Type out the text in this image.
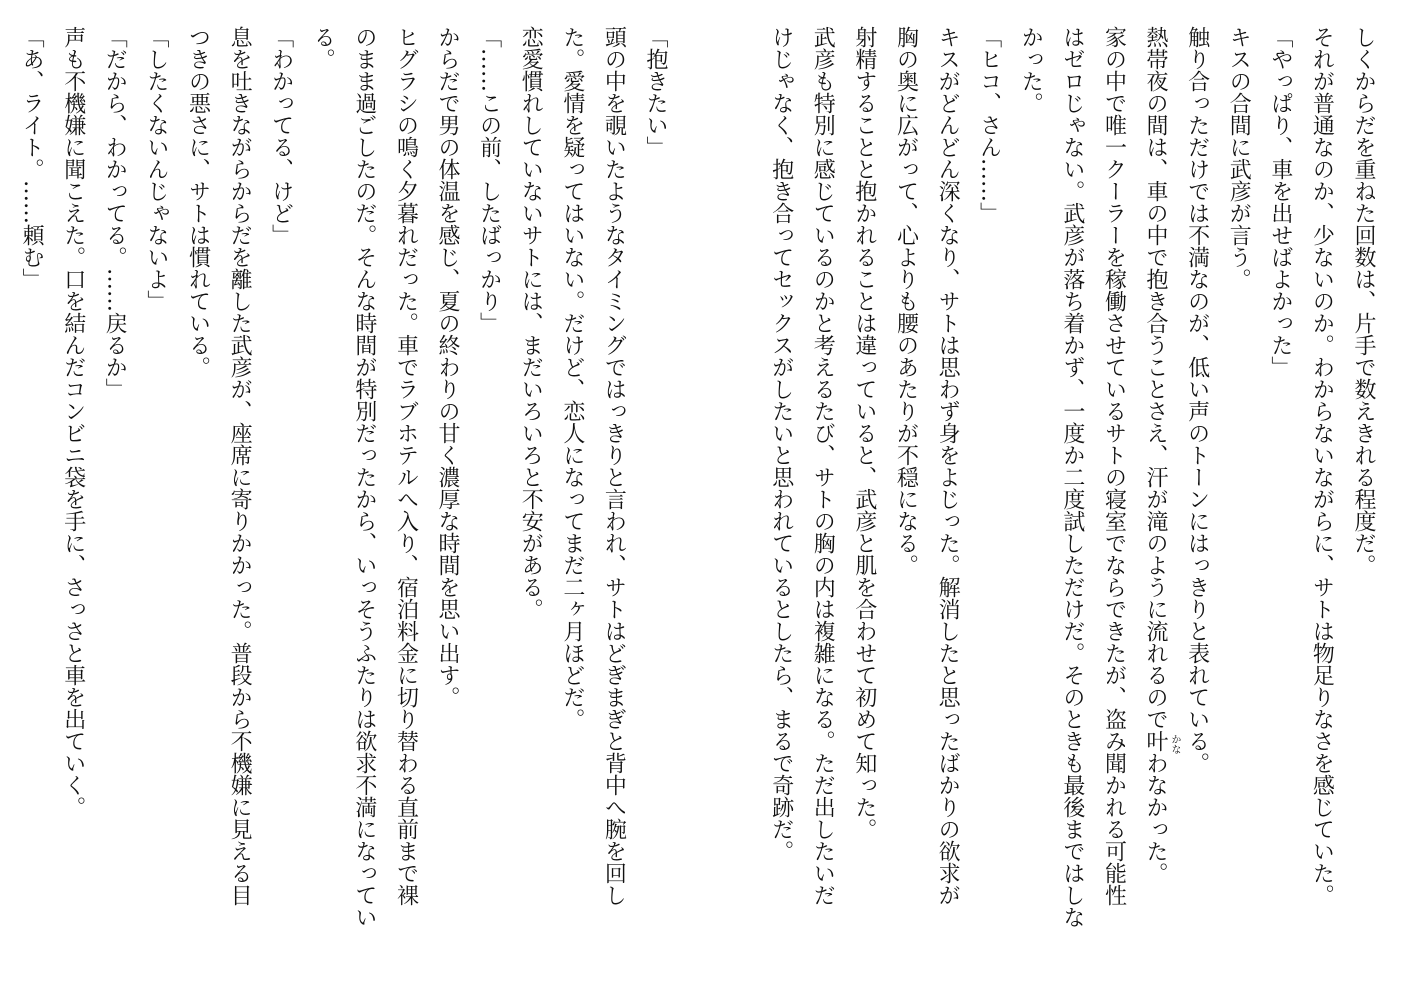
しくからだを重ねた回数は、片手で数えきれる程度だ。
それが普通なのか、少ないのか。わからないながらに、サトは物足りなさを感じていた。
「やっぱり、車を出せばよかった」
キスの合間に武彦が言う。
触り合っただけでは不満なのが、低い声のトーンにはっきりと表れている。
熱帯夜の間は、車の中で抱き合うことさえ、汗が滝のように流れるので叶 かな
わなかった。
家の中で唯一クーラーを稼働させているサトの寝室でならできたが、盗み聞かれる可能性
はゼロじゃない。武彦が落ち着かず、一度か二度試しただけだ。そのときも最後まではしな
かった。
「ヒコ、さん……」
キスがどんどん深くなり、サトは思わず身をよじった。解消したと思ったばかりの欲求が
胸の奥に広がって、心よりも腰のあたりが不穏になる。
射精することと抱かれることは違っていると、武彦と肌を合わせて初めて知った。
武彦も特別に感じているのかと考えるたび、サトの胸の内は複雑になる。ただ出したいだ
けじゃなく、抱き合ってセックスがしたいと思われているとしたら、まるで奇跡だ。
「抱きたい」
頭の中を覗いたようなタイミングではっきりと言われ、サトはどぎまぎと背中へ腕を回し
た。愛情を疑ってはいない。だけど、恋人になってまだ二ヶ月ほどだ。
恋愛慣れしていないサトには、まだいろいろと不安がある。
「……この前、したばっかり」
からだで男の体温を感じ、夏の終わりの甘く濃厚な時間を思い出す。
ヒグラシの鳴く夕暮れだった。車でラブホテルへ入り、宿泊料金に切り替わる直前まで裸
のまま過ごしたのだ。そんな時間が特別だったから、いっそうふたりは欲求不満になってい
る。
「わかってる、けど」
息を吐きながらからだを離した武彦が、座席に寄りかかった。普段から不機嫌に見える目
つきの悪さに、サトは慣れている。
「したくないんじゃないよ」
「だから、わかってる。……戻るか」
声も不機嫌に聞こえた。口を結んだコンビニ袋を手に、さっさと車を出ていく。
「あ、ライト。……頼む」
